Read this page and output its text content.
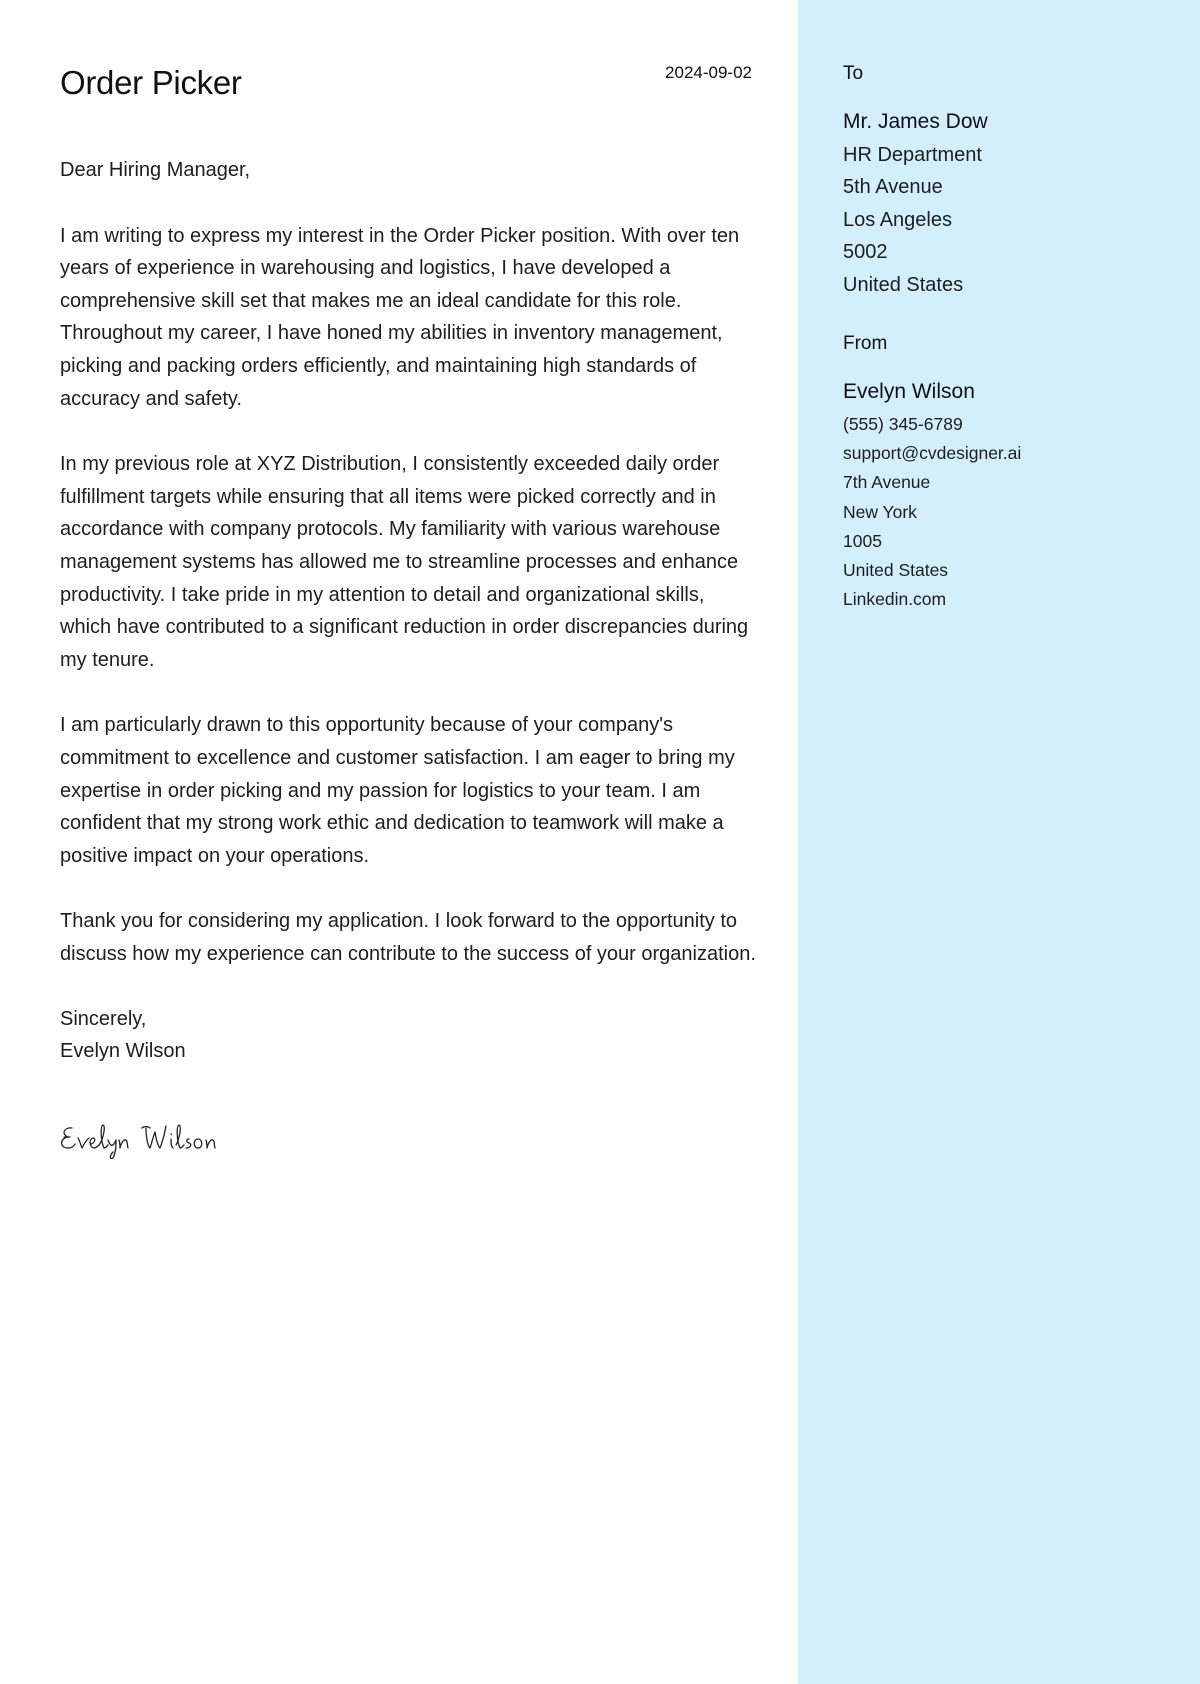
Order Picker	2024-09-02

Dear Hiring Manager,

I am writing to express my interest in the Order Picker position. With over ten years of experience in warehousing and logistics, I have developed a comprehensive skill set that makes me an ideal candidate for this role. Throughout my career, I have honed my abilities in inventory management, picking and packing orders efficiently, and maintaining high standards of accuracy and safety.

In my previous role at XYZ Distribution, I consistently exceeded daily order fulfillment targets while ensuring that all items were picked correctly and in accordance with company protocols. My familiarity with various warehouse management systems has allowed me to streamline processes and enhance productivity. I take pride in my attention to detail and organizational skills, which have contributed to a significant reduction in order discrepancies during my tenure.

I am particularly drawn to this opportunity because of your company's commitment to excellence and customer satisfaction. I am eager to bring my expertise in order picking and my passion for logistics to your team. I am confident that my strong work ethic and dedication to teamwork will make a positive impact on your operations.

Thank you for considering my application. I look forward to the opportunity to discuss how my experience can contribute to the success of your organization.

Sincerely,
Evelyn Wilson
To
Mr. James Dow
HR Department
5th Avenue
Los Angeles
5002
United States
From
Evelyn Wilson
(555) 345-6789
support@cvdesigner.ai
7th Avenue
New York
1005
United States
Linkedin.com
